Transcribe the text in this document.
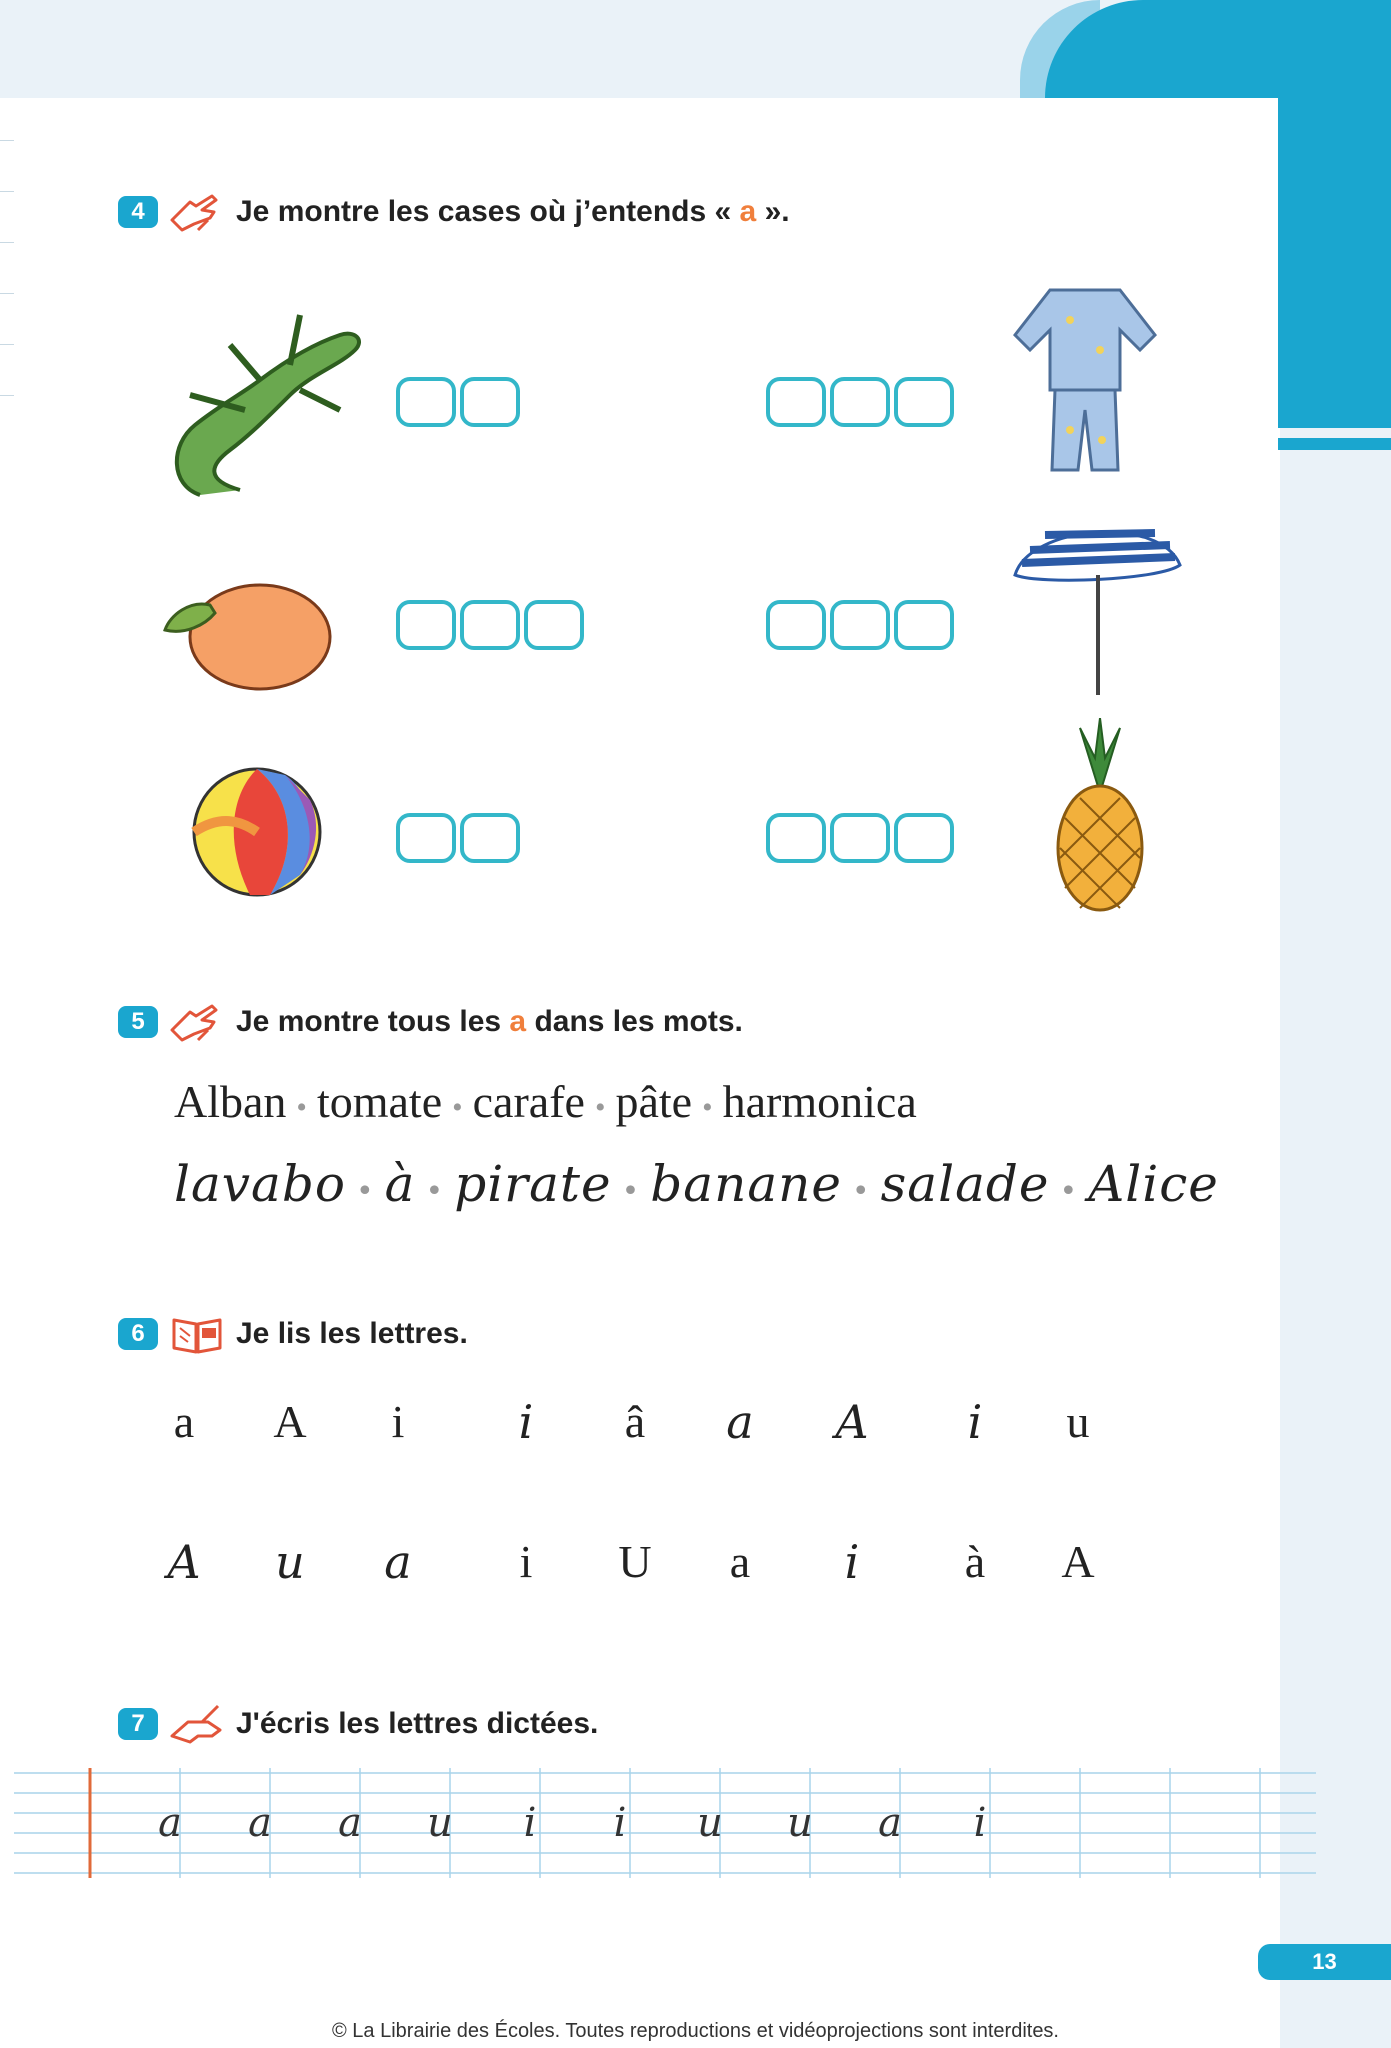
4	Je montre les cases où j’entends « a ».
5	Je montre tous les a dans les mots.
Alban • tomate • carafe • pâte • harmonica
lavabo • à • pirate • banane • salade • Alice
6	Je lis les lettres.
a A i i â a A i u
A u a i U a i à A
7	J'écris les lettres dictées.
a a a u i i u u a i
13
© La Librairie des Écoles. Toutes reproductions et vidéoprojections sont interdites.
